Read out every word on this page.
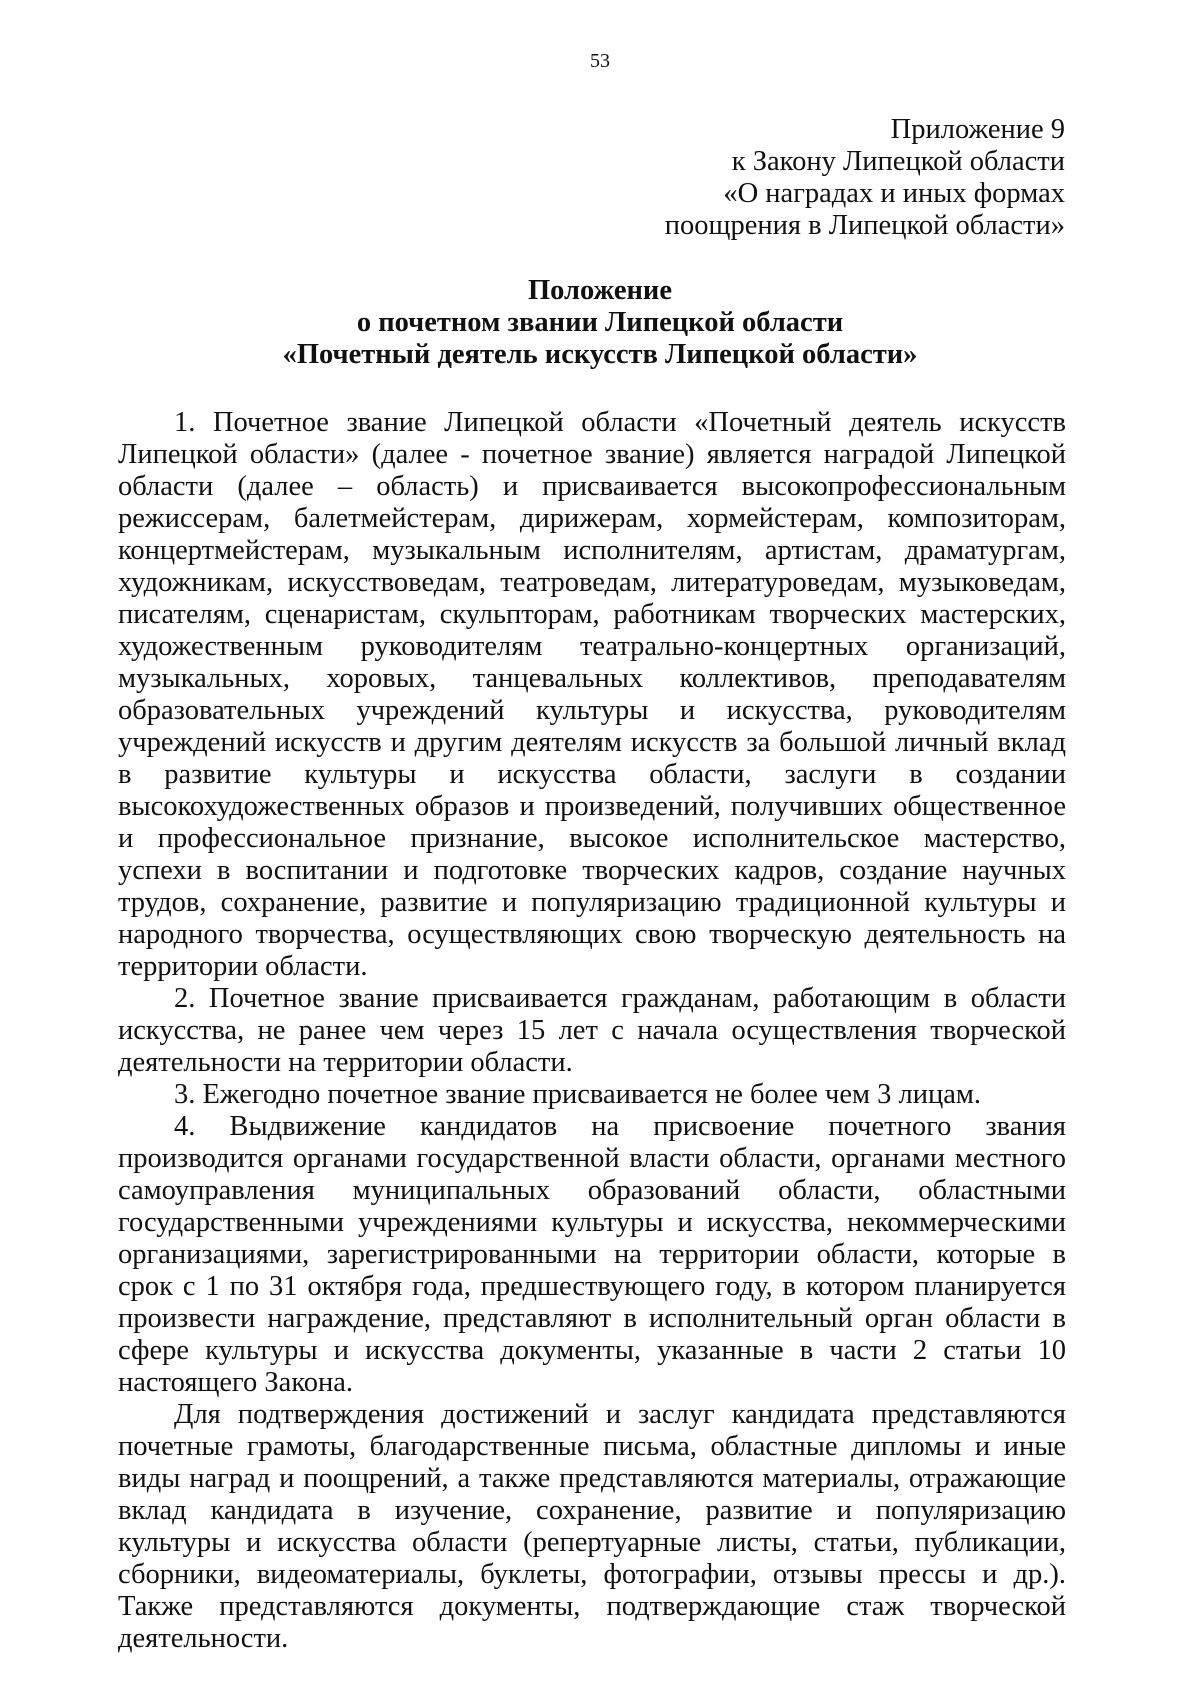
53
Приложение 9
к Закону Липецкой области
«О наградах и иных формах
поощрения в Липецкой области»
Положение
о почетном звании Липецкой области
«Почетный деятель искусств Липецкой области»

1. Почетное звание Липецкой области «Почетный деятель искусств Липецкой области» (далее - почетное звание) является наградой Липецкой области (далее – область) и присваивается высокопрофессиональным режиссерам, балетмейстерам, дирижерам, хормейстерам, композиторам, концертмейстерам, музыкальным исполнителям, артистам, драматургам, художникам, искусствоведам, театроведам, литературоведам, музыковедам, писателям, сценаристам, скульпторам, работникам творческих мастерских, художественным руководителям театрально-концертных организаций, музыкальных, хоровых, танцевальных коллективов, преподавателям образовательных учреждений культуры и искусства, руководителям учреждений искусств и другим деятелям искусств за большой личный вклад в развитие культуры и искусства области, заслуги в создании высокохудожественных образов и произведений, получивших общественное и профессиональное признание, высокое исполнительское мастерство, успехи в воспитании и подготовке творческих кадров, создание научных трудов, сохранение, развитие и популяризацию традиционной культуры и народного творчества, осуществляющих свою творческую деятельность на территории области.

2. Почетное звание присваивается гражданам, работающим в области искусства, не ранее чем через 15 лет с начала осуществления творческой деятельности на территории области.

3. Ежегодно почетное звание присваивается не более чем 3 лицам.

4. Выдвижение кандидатов на присвоение почетного звания производится органами государственной власти области, органами местного самоуправления муниципальных образований области, областными государственными учреждениями культуры и искусства, некоммерческими организациями, зарегистрированными на территории области, которые в срок с 1 по 31 октября года, предшествующего году, в котором планируется произвести награждение, представляют в исполнительный орган области в сфере культуры и искусства документы, указанные в части 2 статьи 10 настоящего Закона.

Для подтверждения достижений и заслуг кандидата представляются почетные грамоты, благодарственные письма, областные дипломы и иные виды наград и поощрений, а также представляются материалы, отражающие вклад кандидата в изучение, сохранение, развитие и популяризацию культуры и искусства области (репертуарные листы, статьи, публикации, сборники, видеоматериалы, буклеты, фотографии, отзывы прессы и др.). Также представляются документы, подтверждающие стаж творческой деятельности.
